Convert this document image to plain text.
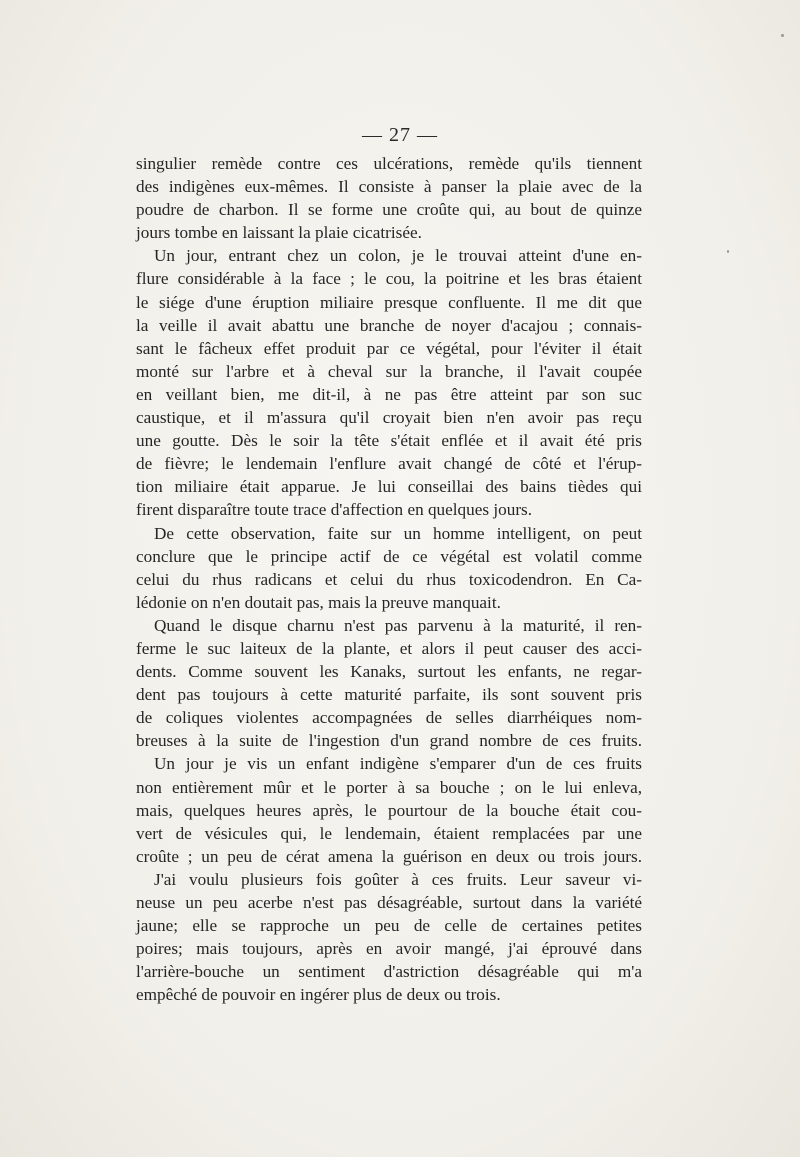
— 27 —

singulier remède contre ces ulcérations, remède qu'ils tiennent
des indigènes eux-mêmes. Il consiste à panser la plaie avec de la
poudre de charbon. Il se forme une croûte qui, au bout de quinze
jours tombe en laissant la plaie cicatrisée.

Un jour, entrant chez un colon, je le trouvai atteint d'une en-
flure considérable à la face ; le cou, la poitrine et les bras étaient
le siége d'une éruption miliaire presque confluente. Il me dit que
la veille il avait abattu une branche de noyer d'acajou ; connais-
sant le fâcheux effet produit par ce végétal, pour l'éviter il était
monté sur l'arbre et à cheval sur la branche, il l'avait coupée
en veillant bien, me dit-il, à ne pas être atteint par son suc
caustique, et il m'assura qu'il croyait bien n'en avoir pas reçu
une goutte. Dès le soir la tête s'était enflée et il avait été pris
de fièvre; le lendemain l'enflure avait changé de côté et l'érup-
tion miliaire était apparue. Je lui conseillai des bains tièdes qui
firent disparaître toute trace d'affection en quelques jours.

De cette observation, faite sur un homme intelligent, on peut
conclure que le principe actif de ce végétal est volatil comme
celui du rhus radicans et celui du rhus toxicodendron. En Ca-
lédonie on n'en doutait pas, mais la preuve manquait.

Quand le disque charnu n'est pas parvenu à la maturité, il ren-
ferme le suc laiteux de la plante, et alors il peut causer des acci-
dents. Comme souvent les Kanaks, surtout les enfants, ne regar-
dent pas toujours à cette maturité parfaite, ils sont souvent pris
de coliques violentes accompagnées de selles diarrhéiques nom-
breuses à la suite de l'ingestion d'un grand nombre de ces fruits.

Un jour je vis un enfant indigène s'emparer d'un de ces fruits
non entièrement mûr et le porter à sa bouche ; on le lui enleva,
mais, quelques heures après, le pourtour de la bouche était cou-
vert de vésicules qui, le lendemain, étaient remplacées par une
croûte ; un peu de cérat amena la guérison en deux ou trois jours.

J'ai voulu plusieurs fois goûter à ces fruits. Leur saveur vi-
neuse un peu acerbe n'est pas désagréable, surtout dans la variété
jaune; elle se rapproche un peu de celle de certaines petites
poires; mais toujours, après en avoir mangé, j'ai éprouvé dans
l'arrière-bouche un sentiment d'astriction désagréable qui m'a
empêché de pouvoir en ingérer plus de deux ou trois.
